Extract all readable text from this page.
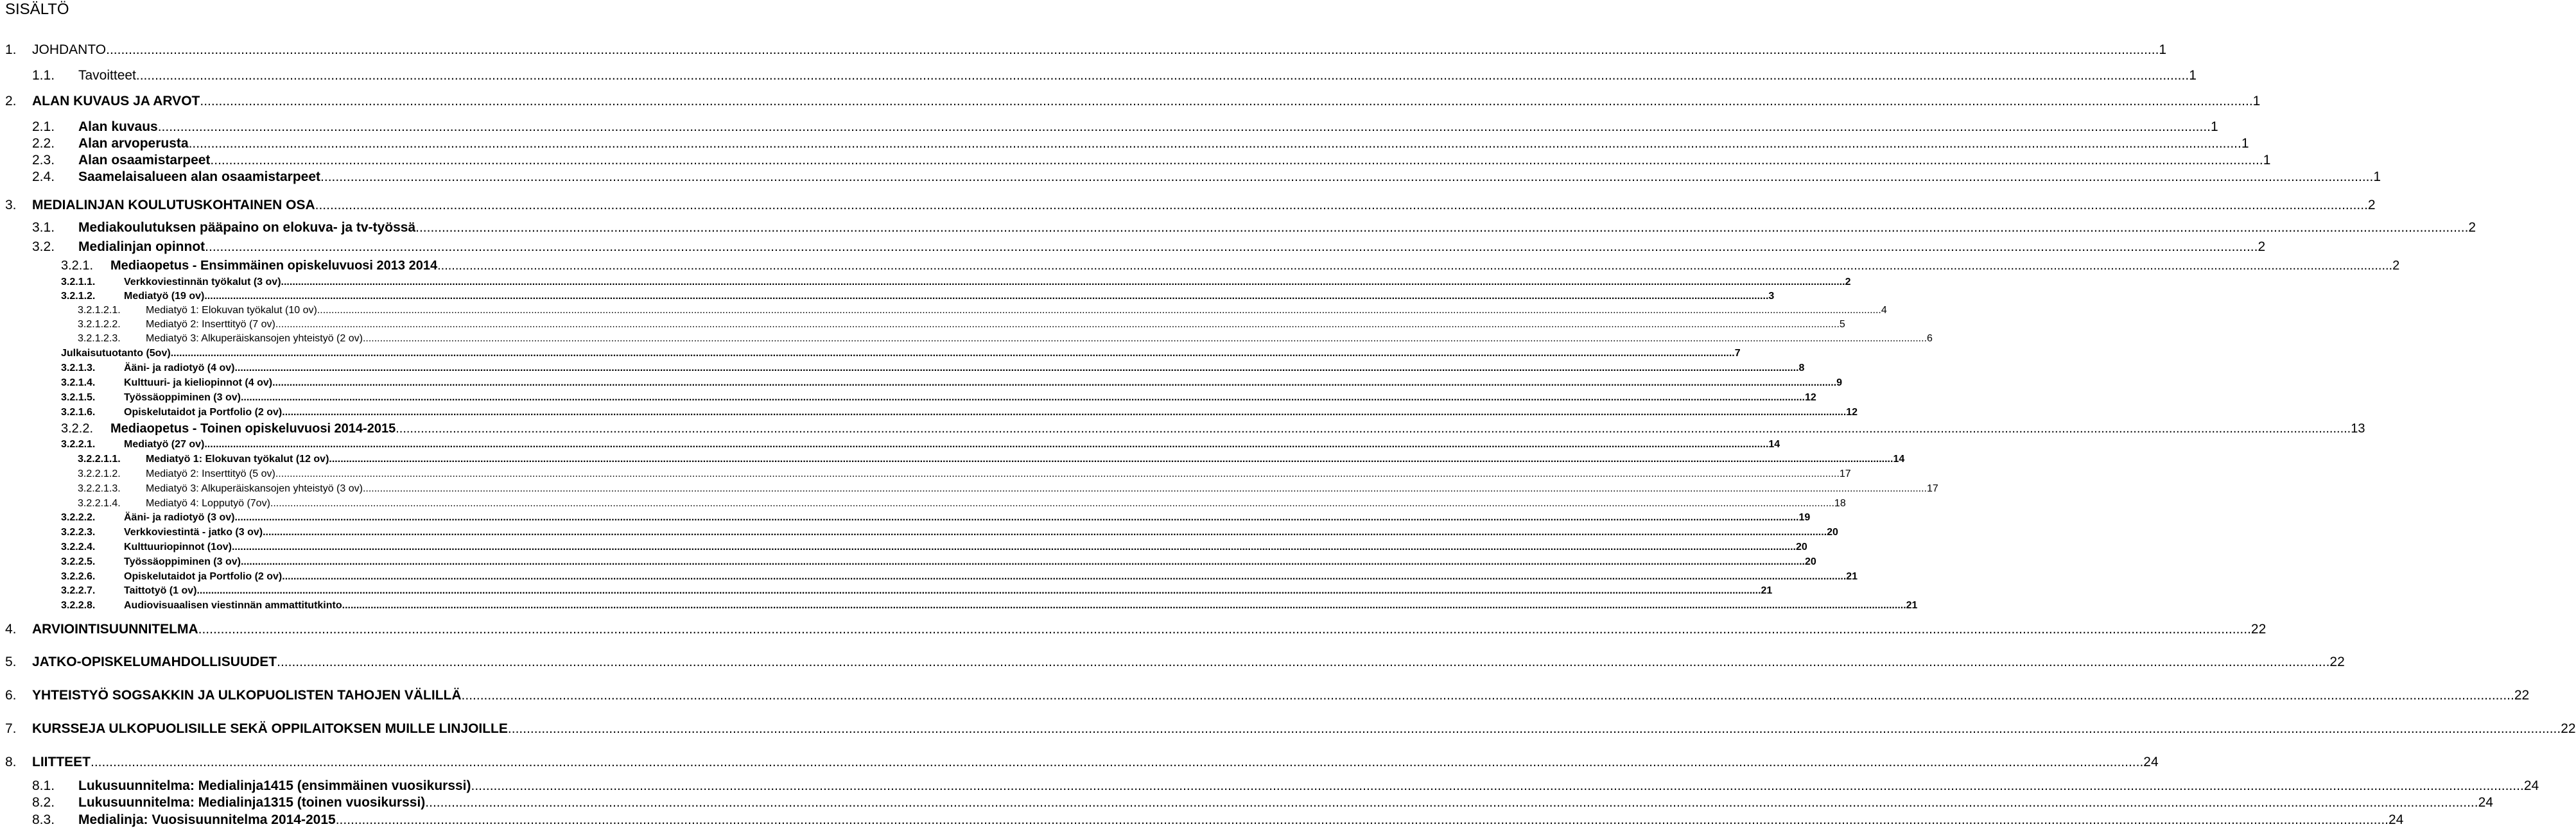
SISÄLTÖ
1.	JOHDANTO .....	1
1.1.	Tavoitteet .....	1
2.	ALAN KUVAUS JA ARVOT .....	1
2.1.	Alan kuvaus .....	1
2.2.	Alan arvoperusta .....	1
2.3.	Alan osaamistarpeet .....	1
2.4.	Saamelaisalueen alan osaamistarpeet .....	1
3.	MEDIALINJAN KOULUTUSKOHTAINEN OSA .....	2
3.1.	Mediakoulutuksen pääpaino on elokuva- ja tv-työssä .....	2
3.2.	Medialinjan opinnot .....	2
3.2.1.	Mediaopetus - Ensimmäinen opiskeluvuosi 2013 2014 .....	2
3.2.1.1.	Verkkoviestinnän työkalut (3 ov) .....	2
3.2.1.2.	Mediatyö (19 ov) .....	3
3.2.1.2.1.	Mediatyö 1: Elokuvan työkalut (10 ov) .....	4
3.2.1.2.2.	Mediatyö 2: Inserttityö (7 ov) .....	5
3.2.1.2.3.	Mediatyö 3: Alkuperäiskansojen yhteistyö (2 ov) .....	6
Julkaisutuotanto (5ov) .....	7
3.2.1.3.	Ääni- ja radiotyö (4 ov) .....	8
3.2.1.4.	Kulttuuri- ja kieliopinnot (4 ov) .....	9
3.2.1.5.	Työssäoppiminen (3 ov) .....	12
3.2.1.6.	Opiskelutaidot ja Portfolio (2 ov) .....	12
3.2.2.	Mediaopetus - Toinen opiskeluvuosi 2014-2015 .....	13
3.2.2.1.	Mediatyö (27 ov) .....	14
3.2.2.1.1.	Mediatyö 1: Elokuvan työkalut (12 ov) .....	14
3.2.2.1.2.	Mediatyö 2: Inserttityö (5 ov) .....	17
3.2.2.1.3.	Mediatyö 3: Alkuperäiskansojen yhteistyö (3 ov) .....	17
3.2.2.1.4.	Mediatyö 4: Lopputyö (7ov) .....	18
3.2.2.2.	Ääni- ja radiotyö (3 ov) .....	19
3.2.2.3.	Verkkoviestintä - jatko (3 ov) .....	20
3.2.2.4.	Kulttuuriopinnot (1ov) .....	20
3.2.2.5.	Työssäoppiminen (3 ov) .....	20
3.2.2.6.	Opiskelutaidot ja Portfolio (2 ov) .....	21
3.2.2.7.	Taittotyö (1 ov) .....	21
3.2.2.8.	Audiovisuaalisen viestinnän ammattitutkinto .....	21
4.	ARVIOINTISUUNNITELMA .....	22
5.	JATKO-OPISKELUMAHDOLLISUUDET .....	22
6.	YHTEISTYÖ SOGSAKKIN JA ULKOPUOLISTEN TAHOJEN VÄLILLÄ .....	22
7.	KURSSEJA ULKOPUOLISILLE SEKÄ OPPILAITOKSEN MUILLE LINJOILLE .....	22
8.	LIITTEET .....	24
8.1.	Lukusuunnitelma: Medialinja1415 (ensimmäinen vuosikurssi) .....	24
8.2.	Lukusuunnitelma: Medialinja1315 (toinen vuosikurssi) .....	24
8.3.	Medialinja: Vuosisuunnitelma 2014-2015 .....	24
